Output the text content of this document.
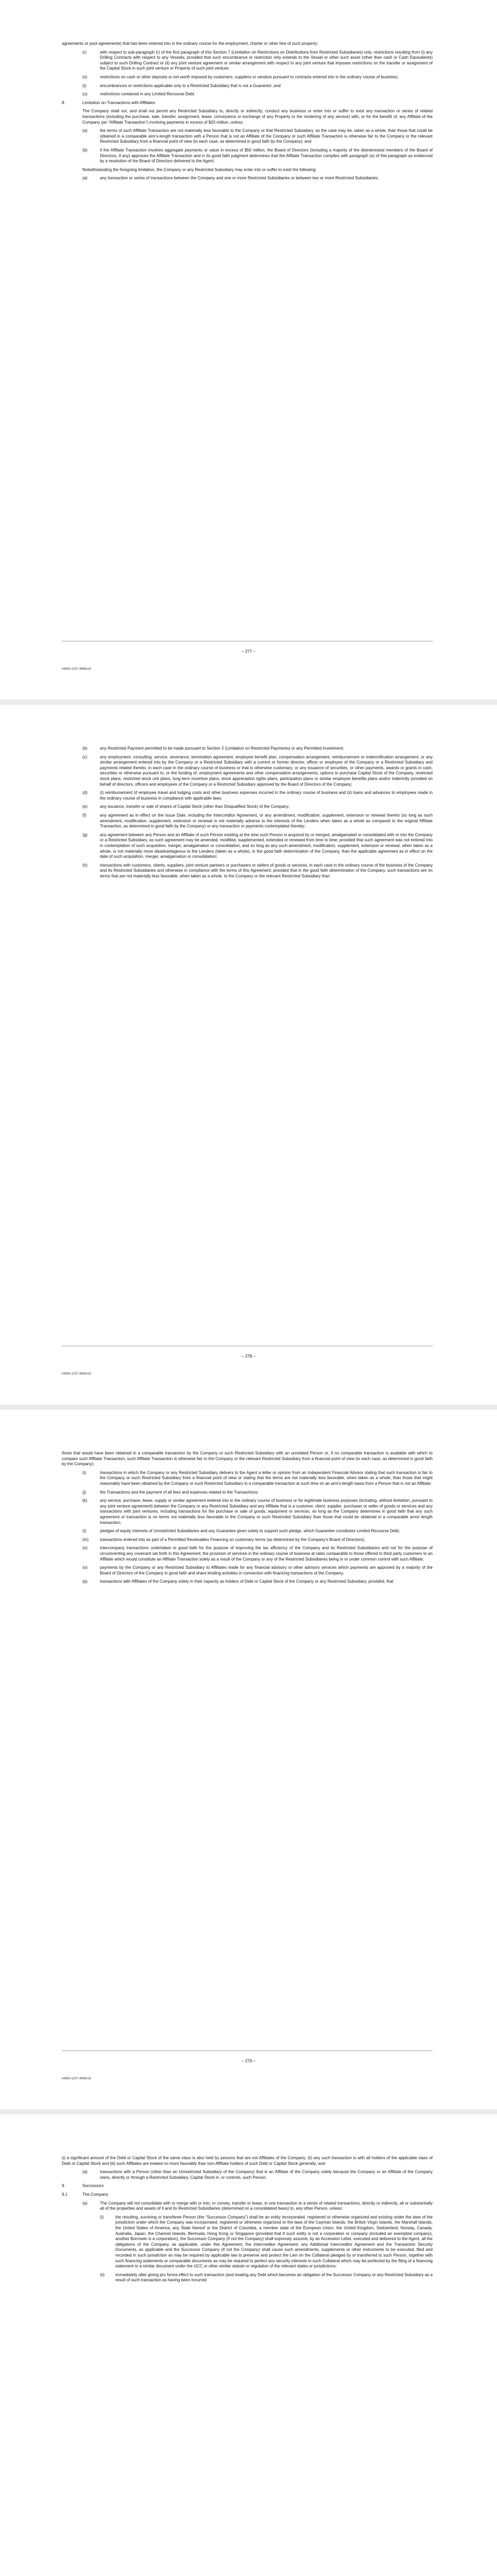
agreements or pool agreements) that has been entered into in the ordinary course for the employment, charter or other hire of such property;

(r)	with respect to sub-paragraph (r) of the first paragraph of this Section 7 (Limitation on Restrictions on Distributions from Restricted Subsidiaries) only, restrictions resulting from (i) any Drilling Contracts with respect to any Vessels; provided that such encumbrance or restriction only extends to the Vessel or other such asset (other than cash or Cash Equivalents) subject to such Drilling Contract or (ii) any joint venture agreement or similar arrangement with respect to any joint venture that imposes restrictions on the transfer or assignment of the Capital Stock in such joint venture or Property of such joint venture;
(s)	restrictions on cash or other deposits or net worth imposed by customers, suppliers or vendors pursuant to contracts entered into in the ordinary course of business;
(t)	encumbrances or restrictions applicable only to a Restricted Subsidiary that is not a Guarantor; and
(u)	restrictions contained in any Limited Recourse Debt.
8.	Limitation on Transactions with Affiliates

The Company shall not, and shall not permit any Restricted Subsidiary to, directly or indirectly, conduct any business or enter into or suffer to exist any transaction or series of related transactions (including the purchase, sale, transfer, assignment, lease, conveyance or exchange of any Property or the rendering of any service) with, or for the benefit of, any Affiliate of the Company (an “Affiliate Transaction”) involving payments in excess of $20 million, unless:

(a)	the terms of such Affiliate Transaction are not materially less favorable to the Company or that Restricted Subsidiary, as the case may be, taken as a whole, than those that could be obtained in a comparable arm’s-length transaction with a Person that is not an Affiliate of the Company or such Affiliate Transaction is otherwise fair to the Company or the relevant Restricted Subsidiary from a financial point of view (in each case, as determined in good faith by the Company); and
(b)	if the Affiliate Transaction involves aggregate payments or value in excess of $50 million, the Board of Directors (including a majority of the disinterested members of the Board of Directors, if any) approves the Affiliate Transaction and in its good faith judgment determines that the Affiliate Transaction complies with paragraph (a) of this paragraph as evidenced by a resolution of the Board of Directors delivered to the Agent.

Notwithstanding the foregoing limitation, the Company or any Restricted Subsidiary may enter into or suffer to exist the following:

(a)	any transaction or series of transactions between the Company and one or more Restricted Subsidiaries or between two or more Restricted Subsidiaries;
– 277 –
l\4854-1237-4969v16
(b)	any Restricted Payment permitted to be made pursuant to Section 2 (Limitation on Restricted Payments) or any Permitted Investment;
(c)	any employment, consulting, service, severance, termination agreement, employee benefit plan, compensation arrangement, reimbursement or indemnification arrangement, or any similar arrangement entered into by the Company or a Restricted Subsidiary with a current or former director, officer or employee of the Company or a Restricted Subsidiary and payments related thereto, in each case in the ordinary course of business or that is otherwise customary; or any issuance of securities, or other payments, awards or grants in cash, securities or otherwise pursuant to, or the funding of, employment agreements and other compensation arrangements, options to purchase Capital Stock of the Company, restricted stock plans, restricted stock unit plans, long-term incentive plans, stock appreciation rights plans, participation plans or similar employee benefits plans and/or indemnity provided on behalf of directors, officers and employees of the Company or a Restricted Subsidiary approved by the Board of Directors of the Company;
(d)	(i) reimbursement of employee travel and lodging costs and other business expenses incurred in the ordinary course of business and (ii) loans and advances to employees made in the ordinary course of business in compliance with applicable laws;
(e)	any issuance, transfer or sale of shares of Capital Stock (other than Disqualified Stock) of the Company;
(f)	any agreement as in effect on the Issue Date, including the Intercreditor Agreement, or any amendment, modification, supplement, extension or renewal thereto (so long as such amendment, modification, supplement, extension or renewal is not materially adverse to the interests of the Lenders when taken as a whole as compared to the original Affiliate Transaction, as determined in good faith by the Company) or any transaction or payments contemplated thereby;
(g)	any agreement between any Person and an Affiliate of such Person existing at the time such Person is acquired by or merged, amalgamated or consolidated with or into the Company or a Restricted Subsidiary, as such agreement may be amended, modified, supplemented, extended or renewed from time to time; provided that such agreement was not entered into in contemplation of such acquisition, merger, amalgamation or consolidation, and so long as any such amendment, modification, supplement, extension or renewal, when taken as a whole, is not materially more disadvantageous to the Lenders (taken as a whole), in the good faith determination of the Company, than the applicable agreement as in effect on the date of such acquisition, merger, amalgamation or consolidation;
(h)	transactions with customers, clients, suppliers, joint venture partners or purchasers or sellers of goods or services, in each case in the ordinary course of the business of the Company and its Restricted Subsidiaries and otherwise in compliance with the terms of this Agreement; provided that in the good faith determination of the Company, such transactions are on terms that are not materially less favorable, when taken as a whole, to the Company or the relevant Restricted Subsidiary than
– 278 –
l\4854-1237-4969v16

those that would have been obtained in a comparable transaction by the Company or such Restricted Subsidiary with an unrelated Person or, if no comparable transaction is available with which to compare such Affiliate Transaction, such Affiliate Transaction is otherwise fair to the Company or the relevant Restricted Subsidiary from a financial point of view (in each case, as determined in good faith by the Company);

(i)	transactions in which the Company or any Restricted Subsidiary delivers to the Agent a letter or opinion from an Independent Financial Advisor stating that such transaction is fair to the Company or such Restricted Subsidiary from a financial point of view or stating that the terms are not materially less favorable, when taken as a whole, than those that might reasonably have been obtained by the Company or such Restricted Subsidiary in a comparable transaction at such time on an arm's-length basis from a Person that is not an Affiliate;
(j)	the Transactions and the payment of all fees and expenses related to the Transactions;
(k)	any service, purchase, lease, supply or similar agreement entered into in the ordinary course of business or for legitimate business purposes (including, without limitation, pursuant to any joint venture agreement) between the Company or any Restricted Subsidiary and any Affiliate that is a customer, client, supplier, purchaser or seller of goods or services and any transactions with joint ventures, including transactions for the purchase or sale of goods, equipment or services, so long as the Company determines in good faith that any such agreement or transaction is on terms not materially less favorable to the Company or such Restricted Subsidiary than those that could be obtained in a comparable arms’-length transaction;
(l)	pledges of equity interests of Unrestricted Subsidiaries and any Guarantee given solely to support such pledge, which Guarantee constitutes Limited Recourse Debt;
(m)	transactions entered into as part of a Permitted Receivables Financing on customary terms (as determined by the Company’s Board of Directors);
(n)	intercompany transactions undertaken in good faith for the purpose of improving the tax efficiency of the Company and its Restricted Subsidiaries and not for the purpose of circumventing any covenant set forth in this Agreement; the provision of services in the ordinary course of business at rates comparable to those offered to third party customers to an Affiliate which would constitute an Affiliate Transaction solely as a result of the Company or any of the Restricted Subsidiaries being in or under common control with such Affiliate;
(o)	payments by the Company or any Restricted Subsidiary to Affiliates made for any financial advisory or other advisory services which payments are approved by a majority of the Board of Directors of the Company in good faith and share lending activities in connection with financing transactions of the Company;
(p)	transactions with Affiliates of the Company solely in their capacity as holders of Debt or Capital Stock of the Company or any Restricted Subsidiary, provided, that
– 279 –
l\4854-1237-4969v16

(i) a significant amount of the Debt or Capital Stock of the same class is also held by persons that are not Affiliates of the Company, (ii) any such transaction is with all holders of the applicable class of Debt or Capital Stock and (iii) such Affiliates are treated no more favorably than non-Affiliate holders of such Debt or Capital Stock generally; and

(q)	transactions with a Person (other than an Unrestricted Subsidiary of the Company) that is an Affiliate of the Company solely because the Company or an Affiliate of the Company owns, directly or through a Restricted Subsidiary, Capital Stock in, or controls, such Person.
9.	Successors
9.1	The Company
(a)	The Company will not consolidate with or merge with or into, or convey, transfer or lease, in one transaction or a series of related transactions, directly or indirectly, all or substantially all of the properties and assets of it and its Restricted Subsidiaries (determined on a consolidated basis) to, any other Person, unless:
(i)	the resulting, surviving or transferee Person (the “Successor Company”) shall be an entity incorporated, registered or otherwise organized and existing under the laws of the jurisdiction under which the Company was incorporated, registered or otherwise organized or the laws of the Cayman Islands, the British Virgin Islands, the Marshall Islands, the United States of America, any State thereof or the District of Columbia, a member state of the European Union, the United Kingdom, Switzerland, Norway, Canada, Australia, Japan, the Channel Islands, Bermuda, Hong Kong or Singapore (provided that if such entity is not a corporation or company (included an exempted company), another Borrower is a corporation), the Successor Company (if not the Company) shall expressly assume, by an Accession Letter, executed and delivered to the Agent, all the obligations of the Company, as applicable, under this Agreement, the Intercreditor Agreement, any Additional Intercreditor Agreement and the Transaction Security Documents, as applicable and the Successor Company (if not the Company) shall cause such amendments, supplements or other instruments to be executed, filed and recorded in such jurisdiction as may be required by applicable law to preserve and protect the Lien on the Collateral pledged by or transferred to such Person, together with such financing statements or comparable documents as may be required to perfect any security interests in such Collateral which may be perfected by the filing of a financing statement or a similar document under the UCC or other similar statute or regulation of the relevant states or jurisdictions;
(ii)	immediately after giving pro forma effect to such transaction (and treating any Debt which becomes an obligation of the Successor Company or any Restricted Subsidiary as a result of such transaction as having been Incurred
